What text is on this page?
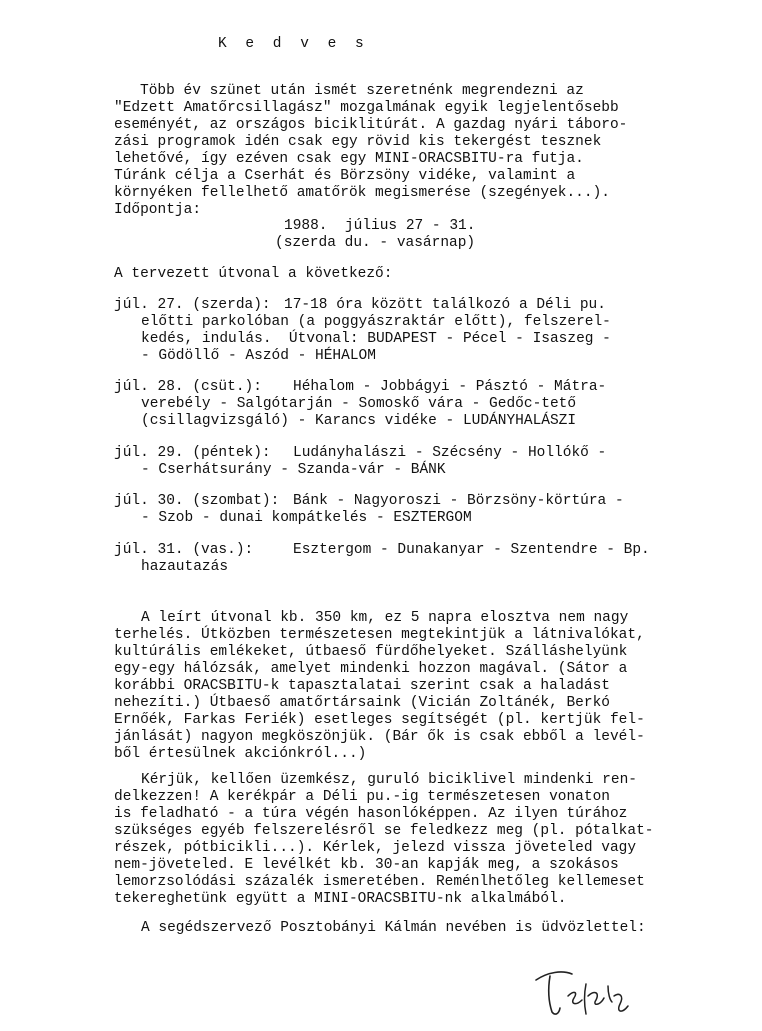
K e d v e s
Több év szünet után ismét szeretnénk megrendezni az
"Edzett Amatőrcsillagász" mozgalmának egyik legjelentősebb
eseményét, az országos biciklitúrát. A gazdag nyári táboro-
zási programok idén csak egy rövid kis tekergést tesznek
lehetővé, így ezéven csak egy MINI-ORACSBITU-ra futja.
Túránk célja a Cserhát és Börzsöny vidéke, valamint a
környéken fellelhető amatőrök megismerése (szegények...).
Időpontja:
1988.  július 27 - 31.
(szerda du. - vasárnap)
A tervezett útvonal a következő:
júl. 27. (szerda): 17-18 óra között találkozó a Déli pu.
előtti parkolóban (a poggyászraktár előtt), felszerel-
kedés, indulás.  Útvonal: BUDAPEST - Pécel - Isaszeg -
- Gödöllő - Aszód - HÉHALOM
júl. 28. (csüt.): Héhalom - Jobbágyi - Pásztó - Mátra-
verebély - Salgótarján - Somoskő vára - Gedőc-tető
(csillagvizsgáló) - Karancs vidéke - LUDÁNYHALÁSZI
júl. 29. (péntek): Ludányhalászi - Szécsény - Hollókő -
- Cserhátsurány - Szanda-vár - BÁNK
júl. 30. (szombat): Bánk - Nagyoroszi - Börzsöny-körtúra -
- Szob - dunai kompátkelés - ESZTERGOM
júl. 31. (vas.):	Esztergom - Dunakanyar - Szentendre - Bp.
hazautazás
A leírt útvonal kb. 350 km, ez 5 napra elosztva nem nagy
terhelés. Útközben természetesen megtekintjük a látnivalókat,
kultúrális emlékeket, útbaeső fürdőhelyeket. Szálláshelyünk
egy-egy hálózsák, amelyet mindenki hozzon magával. (Sátor a
korábbi ORACSBITU-k tapasztalatai szerint csak a haladást
nehezíti.) Útbaeső amatőrtársaink (Vicián Zoltánék, Berkó
Ernőék, Farkas Feriék) esetleges segítségét (pl. kertjük fel-
jánlását) nagyon megköszönjük. (Bár ők is csak ebből a levél-
ből értesülnek akciónkról...)
Kérjük, kellően üzemkész, guruló biciklivel mindenki ren-
delkezzen! A kerékpár a Déli pu.-ig természetesen vonaton
is feladható - a túra végén hasonlóképpen. Az ilyen túrához
szükséges egyéb felszerelésről se feledkezz meg (pl. pótalkat-
részek, pótbicikli...). Kérlek, jelezd vissza jöveteled vagy
nem-jöveteled. E levélkét kb. 30-an kapják meg, a szokásos
lemorzsolódási százalék ismeretében. Reménlhetőleg kellemeset
tekereghetünk együtt a MINI-ORACSBITU-nk alkalmából.
A segédszervező Posztobányi Kálmán nevében is üdvözlettel:
